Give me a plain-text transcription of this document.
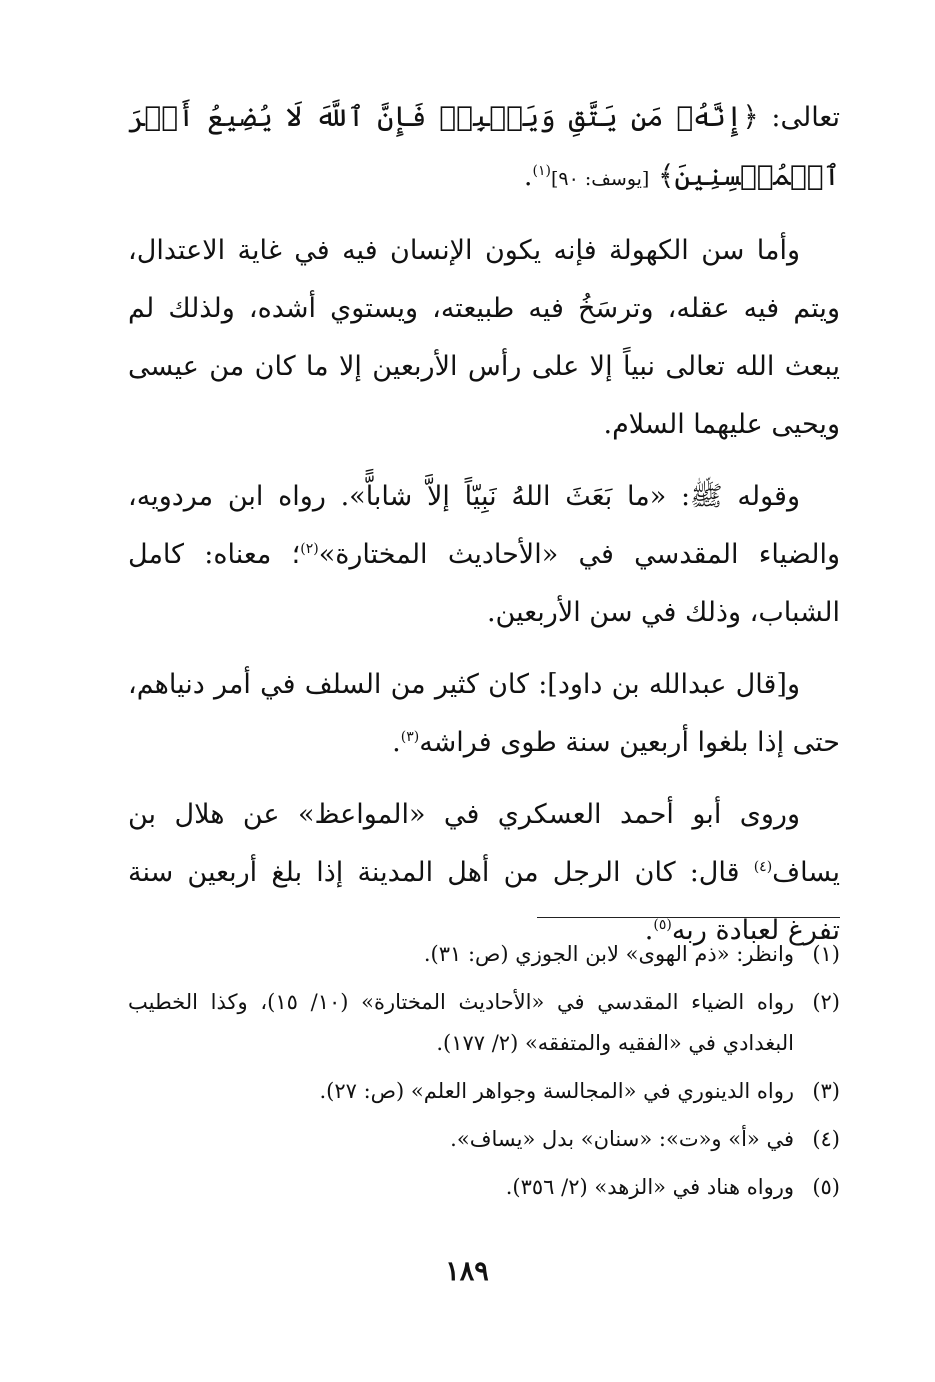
تعالى: ﴿إِنَّهُۥ مَن يَتَّقِ وَيَصۡبِرۡ فَإِنَّ ٱللَّهَ لَا يُضِيعُ أَجۡرَ ٱلۡمُحۡسِنِينَ﴾ [يوسف: ٩٠]$^{(١)}$.

وأما سن الكهولة فإنه يكون الإنسان فيه في غاية الاعتدال، ويتم فيه عقله، وترسَخُ فيه طبيعته، ويستوي أشده، ولذلك لم يبعث الله تعالى نبياً إلا على رأس الأربعين إلا ما كان من عيسى ويحيى عليهما السلام.

وقوله ﷺ: «ما بَعَثَ اللهُ نَبِيّاً إلاَّ شاباًّ». رواه ابن مردويه، والضياء المقدسي في «الأحاديث المختارة»$^{(٢)}$؛ معناه: كامل الشباب، وذلك في سن الأربعين.

و[قال عبدالله بن داود]: كان كثير من السلف في أمر دنياهم، حتى إذا بلغوا أربعين سنة طوى فراشه$^{(٣)}$.

وروى أبو أحمد العسكري في «المواعظ» عن هلال بن يساف$^{(٤)}$ قال: كان الرجل من أهل المدينة إذا بلغ أربعين سنة تفرغ لعبادة ربه$^{(٥)}$.

(١)
وانظر: «ذم الهوى» لابن الجوزي (ص: ٣١).
(٢)
رواه الضياء المقدسي في «الأحاديث المختارة» (١٠/ ١٥)، وكذا الخطيب البغدادي في «الفقيه والمتفقه» (٢/ ١٧٧).
(٣)
رواه الدينوري في «المجالسة وجواهر العلم» (ص: ٢٧).
(٤)
في «أ» و«ت»: «سنان» بدل «يساف».
(٥)
ورواه هناد في «الزهد» (٢/ ٣٥٦).
١٨٩
